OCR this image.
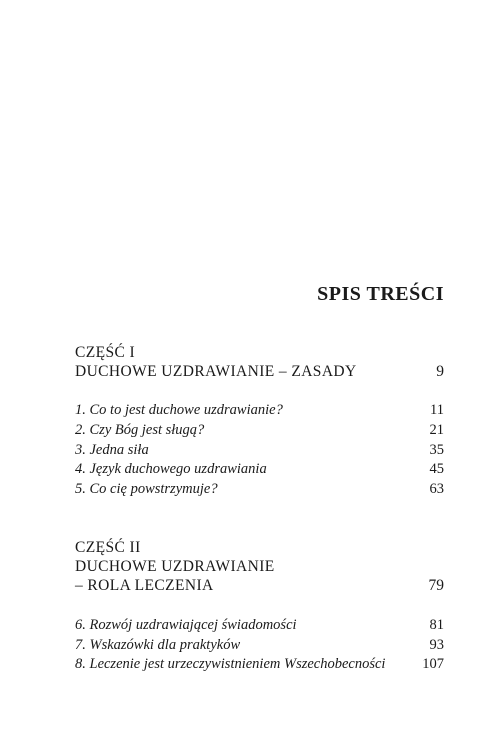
SPIS TREŚCI
CZĘŚĆ I
DUCHOWE UZDRAWIANIE – ZASADY	9
1. Co to jest duchowe uzdrawianie?	11
2. Czy Bóg jest sługą?	21
3. Jedna siła	35
4. Język duchowego uzdrawiania	45
5. Co cię powstrzymuje?	63
CZĘŚĆ II
DUCHOWE UZDRAWIANIE
– ROLA LECZENIA	79
6. Rozwój uzdrawiającej świadomości	81
7. Wskazówki dla praktyków	93
8. Leczenie jest urzeczywistnieniem Wszechobecności	107
